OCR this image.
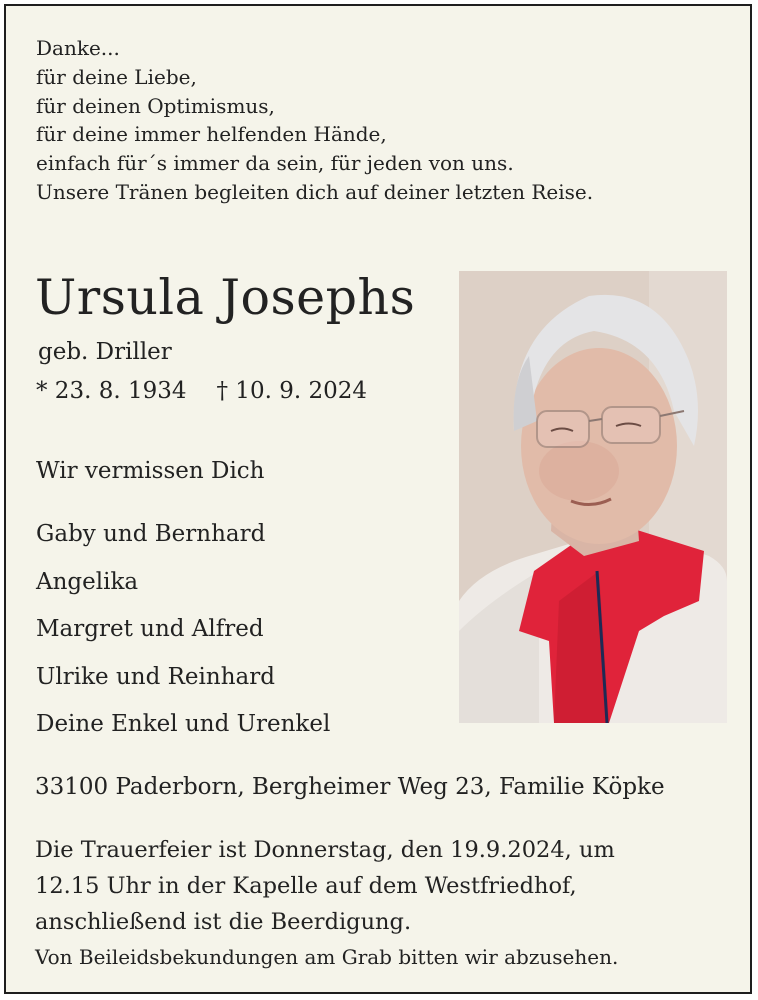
Danke...
für deine Liebe,
für deinen Optimismus,
für deine immer helfenden Hände,
einfach für´s immer da sein, für jeden von uns.
Unsere Tränen begleiten dich auf deiner letzten Reise.
Ursula Josephs
geb. Driller
* 23. 8. 1934 † 10. 9. 2024
Wir vermissen Dich
Gaby und Bernhard
Angelika
Margret und Alfred
Ulrike und Reinhard
Deine Enkel und Urenkel
33100 Paderborn, Bergheimer Weg 23, Familie Köpke
Die Trauerfeier ist Donnerstag, den 19.9.2024, um
12.15 Uhr in der Kapelle auf dem Westfriedhof,
anschließend ist die Beerdigung.
Von Beileidsbekundungen am Grab bitten wir abzusehen.
